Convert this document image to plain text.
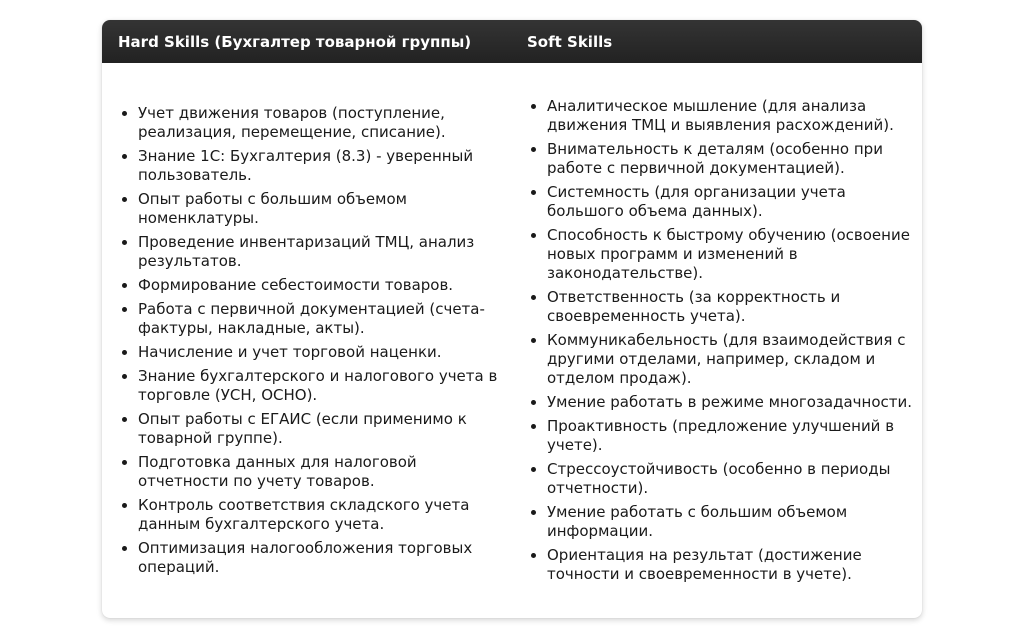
Hard Skills (Бухгалтер товарной группы)	Soft Skills
• Учет движения товаров (поступление, реализация, перемещение, списание).
• Знание 1С: Бухгалтерия (8.3) - уверенный пользователь.
• Опыт работы с большим объемом номенклатуры.
• Проведение инвентаризаций ТМЦ, анализ результатов.
• Формирование себестоимости товаров.
• Работа с первичной документацией (счета-фактуры, накладные, акты).
• Начисление и учет торговой наценки.
• Знание бухгалтерского и налогового учета в торговле (УСН, ОСНО).
• Опыт работы с ЕГАИС (если применимо к товарной группе).
• Подготовка данных для налоговой отчетности по учету товаров.
• Контроль соответствия складского учета данным бухгалтерского учета.
• Оптимизация налогообложения торговых операций.
• Аналитическое мышление (для анализа движения ТМЦ и выявления расхождений).
• Внимательность к деталям (особенно при работе с первичной документацией).
• Системность (для организации учета большого объема данных).
• Способность к быстрому обучению (освоение новых программ и изменений в законодательстве).
• Ответственность (за корректность и своевременность учета).
• Коммуникабельность (для взаимодействия с другими отделами, например, складом и отделом продаж).
• Умение работать в режиме многозадачности.
• Проактивность (предложение улучшений в учете).
• Стрессоустойчивость (особенно в периоды отчетности).
• Умение работать с большим объемом информации.
• Ориентация на результат (достижение точности и своевременности в учете).
